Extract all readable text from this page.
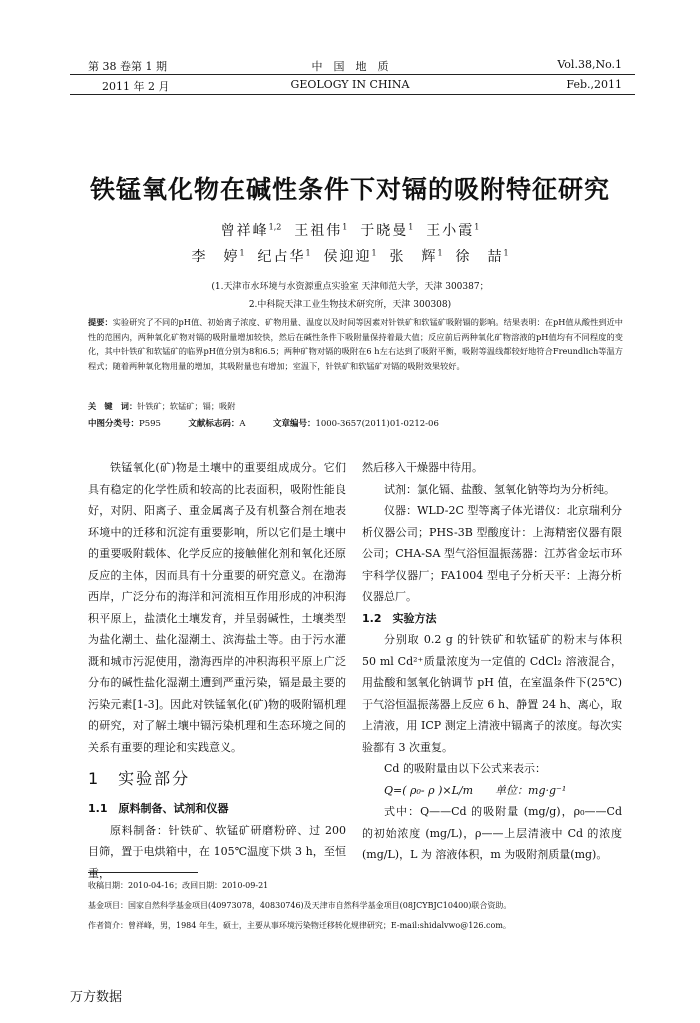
第 38 卷第 1 期
2011 年 2 月
中　国　地　质
GEOLOGY IN CHINA
Vol.38,No.1
Feb.,2011
铁锰氧化物在碱性条件下对镉的吸附特征研究
曾祥峰$^{1,2}$ 王祖伟$^1$ 于晓曼$^1$ 王小霞$^1$
李　婷$^1$ 纪占华$^1$ 侯迎迎$^1$ 张　辉$^1$ 徐　喆$^1$
(1.天津市水环境与水资源重点实验室 天津师范大学，天津 300387；
2.中科院天津工业生物技术研究所，天津 300308)
提要：实验研究了不同的pH值、初始离子浓度、矿物用量、温度以及时间等因素对针铁矿和软锰矿吸附镉的影响。结果表明：在pH值从酸性到近中性的范围内，两种氧化矿物对镉的吸附量增加较快，然后在碱性条件下吸附量保持着最大值；反应前后两种氧化矿物溶液的pH值均有不同程度的变化，其中针铁矿和软锰矿的临界pH值分别为8和6.5；两种矿物对镉的吸附在6 h左右达到了吸附平衡，吸附等温线都较好地符合Freundlich等温方程式；随着两种氧化物用量的增加，其吸附量也有增加；室温下，针铁矿和软锰矿对镉的吸附效果较好。
关　键　词：针铁矿；软锰矿；镉；吸附
中图分类号：P595	文献标志码：A	文章编号：1000-3657(2011)01-0212-06

铁锰氧化(矿)物是土壤中的重要组成成分。它们具有稳定的化学性质和较高的比表面积，吸附性能良好，对阴、阳离子、重金属离子及有机螯合剂在地表环境中的迁移和沉淀有重要影响，所以它们是土壤中的重要吸附载体、化学反应的接触催化剂和氧化还原反应的主体，因而具有十分重要的研究意义。在渤海西岸，广泛分布的海洋和河流相互作用形成的冲积海积平原上，盐渍化土壤发育，并呈弱碱性，土壤类型为盐化潮土、盐化湿潮土、滨海盐土等。由于污水灌溉和城市污泥使用，渤海西岸的冲积海积平原上广泛分布的碱性盐化湿潮土遭到严重污染，镉是最主要的污染元素[1-3]。因此对铁锰氧化(矿)物的吸附镉机理的研究，对了解土壤中镉污染机理和生态环境之间的关系有重要的理论和实践意义。

1　实验部分
1.1　原料制备、试剂和仪器

原料制备：针铁矿、软锰矿研磨粉碎、过 200 目筛，置于电烘箱中，在 105℃温度下烘 3 h，至恒重，

然后移入干燥器中待用。

试剂：氯化镉、盐酸、氢氧化钠等均为分析纯。

仪器：WLD-2C 型等离子体光谱仪：北京瑞利分析仪器公司；PHS-3B 型酸度计：上海精密仪器有限公司；CHA-SA 型气浴恒温振荡器：江苏省金坛市环宇科学仪器厂；FA1004 型电子分析天平：上海分析仪器总厂。

1.2　实验方法

分别取 0.2 g 的针铁矿和软锰矿的粉末与体积 50 ml Cd²⁺质量浓度为一定值的 CdCl₂ 溶液混合，用盐酸和氢氧化钠调节 pH 值，在室温条件下(25℃)于气浴恒温振荡器上反应 6 h、静置 24 h、离心，取上清液，用 ICP 测定上清液中镉离子的浓度。每次实验都有 3 次重复。

Cd 的吸附量由以下公式来表示：

Q=( ρ₀- ρ )×L/m　　单位：mg·g⁻¹

式中：Q——Cd 的吸附量 (mg/g)，ρ₀——Cd 的初始浓度 (mg/L)，ρ——上层清液中 Cd 的浓度 (mg/L)，L 为 溶液体积，m 为吸附剂质量(mg)。

收稿日期：2010-04-16；改回日期：2010-09-21
基金项目：国家自然科学基金项目(40973078，40830746)及天津市自然科学基金项目(08JCYBJC10400)联合资助。
作者简介：曾祥峰，男，1984 年生，硕士，主要从事环境污染物迁移转化规律研究；E-mail:shidalvwo@126.com。
万方数据
